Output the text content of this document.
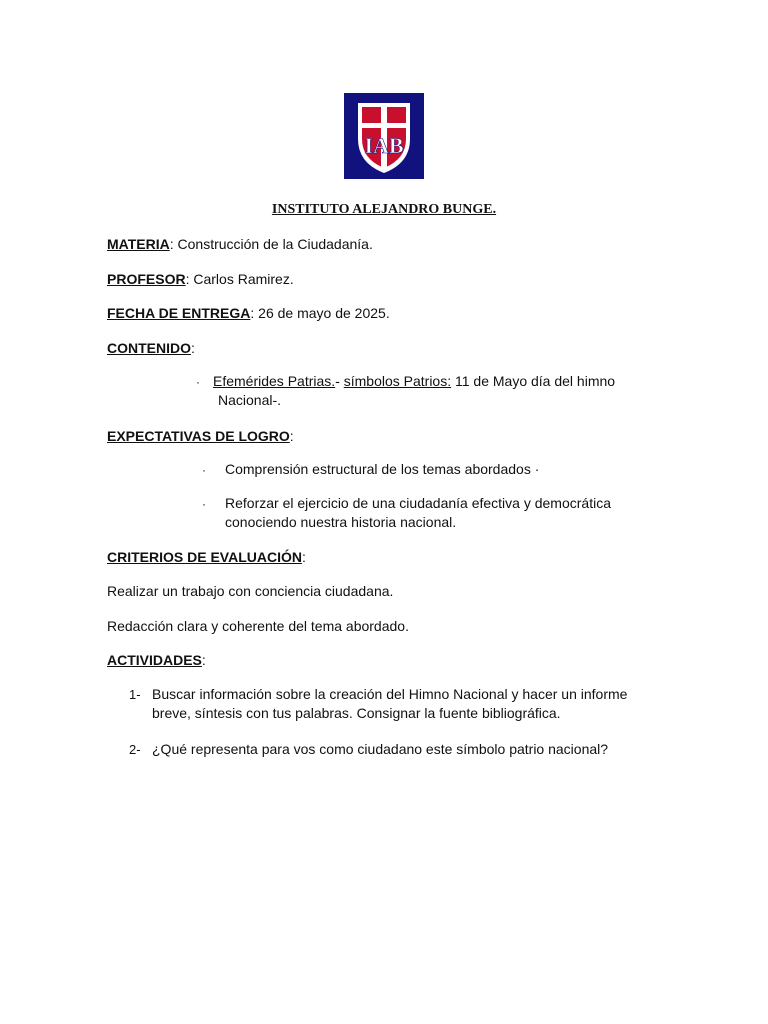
IAB
INSTITUTO ALEJANDRO BUNGE.
MATERIA: Construcción de la Ciudadanía.
PROFESOR: Carlos Ramirez.
FECHA DE ENTREGA: 26 de mayo de 2025.
CONTENIDO:
· Efemérides Patrias.- símbolos Patrios: 11 de Mayo día del himno
Nacional-.
EXPECTATIVAS DE LOGRO:
· Comprensión estructural de los temas abordados ·
· Reforzar el ejercicio de una ciudadanía efectiva y democrática
conociendo nuestra historia nacional.
CRITERIOS DE EVALUACIÓN:
Realizar un trabajo con conciencia ciudadana.
Redacción clara y coherente del tema abordado.
ACTIVIDADES:
1- Buscar información sobre la creación del Himno Nacional y hacer un informe
breve, síntesis con tus palabras. Consignar la fuente bibliográfica.
2- ¿Qué representa para vos como ciudadano este símbolo patrio nacional?
